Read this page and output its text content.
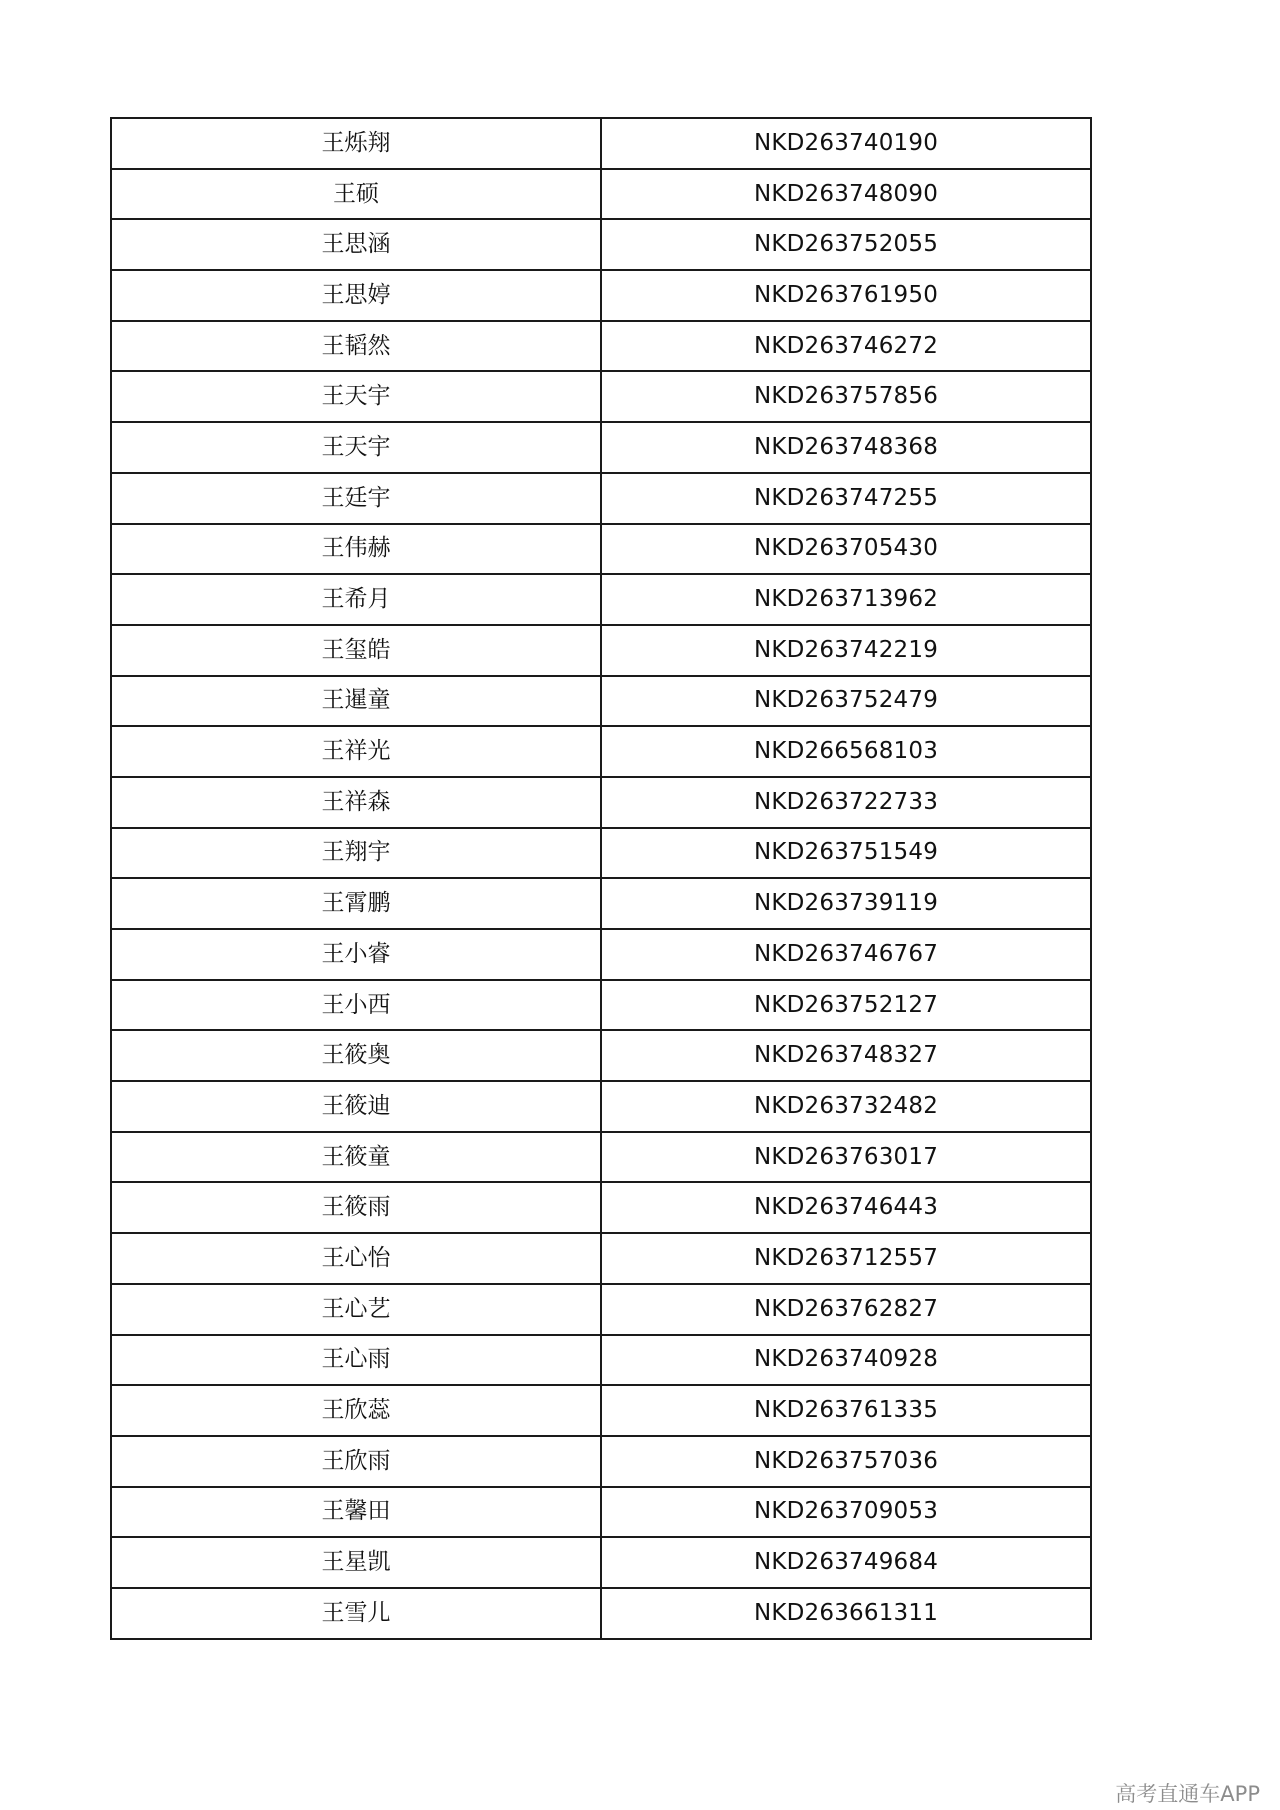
王烁翔	NKD263740190
王硕	NKD263748090
王思涵	NKD263752055
王思婷	NKD263761950
王韬然	NKD263746272
王天宇	NKD263757856
王天宇	NKD263748368
王廷宇	NKD263747255
王伟赫	NKD263705430
王希月	NKD263713962
王玺皓	NKD263742219
王暹童	NKD263752479
王祥光	NKD266568103
王祥森	NKD263722733
王翔宇	NKD263751549
王霄鹏	NKD263739119
王小睿	NKD263746767
王小西	NKD263752127
王筱奥	NKD263748327
王筱迪	NKD263732482
王筱童	NKD263763017
王筱雨	NKD263746443
王心怡	NKD263712557
王心艺	NKD263762827
王心雨	NKD263740928
王欣蕊	NKD263761335
王欣雨	NKD263757036
王馨田	NKD263709053
王星凯	NKD263749684
王雪儿	NKD263661311
高考直通车APP
